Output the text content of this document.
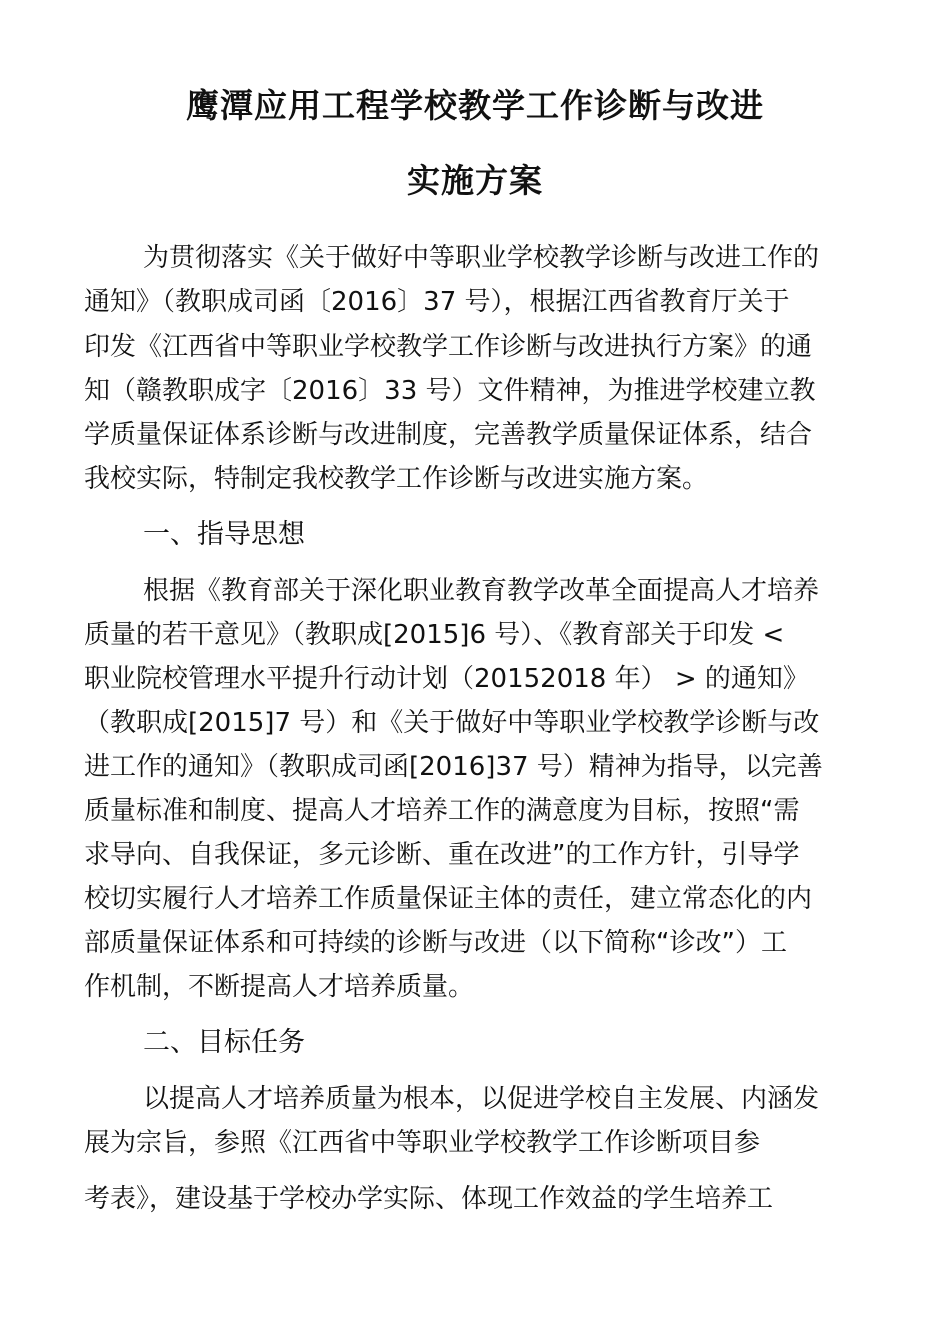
鹰潭应用工程学校教学工作诊断与改进
实施方案
为贯彻落实《关于做好中等职业学校教学诊断与改进工作的
通知》（教职成司函〔2016〕37 号），根据江西省教育厅关于
印发《江西省中等职业学校教学工作诊断与改进执行方案》的通
知（赣教职成字〔2016〕33 号）文件精神，为推进学校建立教
学质量保证体系诊断与改进制度，完善教学质量保证体系，结合
我校实际，特制定我校教学工作诊断与改进实施方案。
一、指导思想
根据《教育部关于深化职业教育教学改革全面提高人才培养
质量的若干意见》（教职成[2015]6 号）、《教育部关于印发 <
职业院校管理水平提升行动计划（20152018 年） > 的通知》
（教职成[2015]7 号）和《关于做好中等职业学校教学诊断与改
进工作的通知》（教职成司函[2016]37 号）精神为指导，以完善
质量标准和制度、提高人才培养工作的满意度为目标，按照“需
求导向、自我保证，多元诊断、重在改进”的工作方针，引导学
校切实履行人才培养工作质量保证主体的责任，建立常态化的内
部质量保证体系和可持续的诊断与改进（以下简称“诊改”）工
作机制，不断提高人才培养质量。
二、目标任务
以提高人才培养质量为根本，以促进学校自主发展、内涵发
展为宗旨，参照《江西省中等职业学校教学工作诊断项目参
考表》，建设基于学校办学实际、体现工作效益的学生培养工
